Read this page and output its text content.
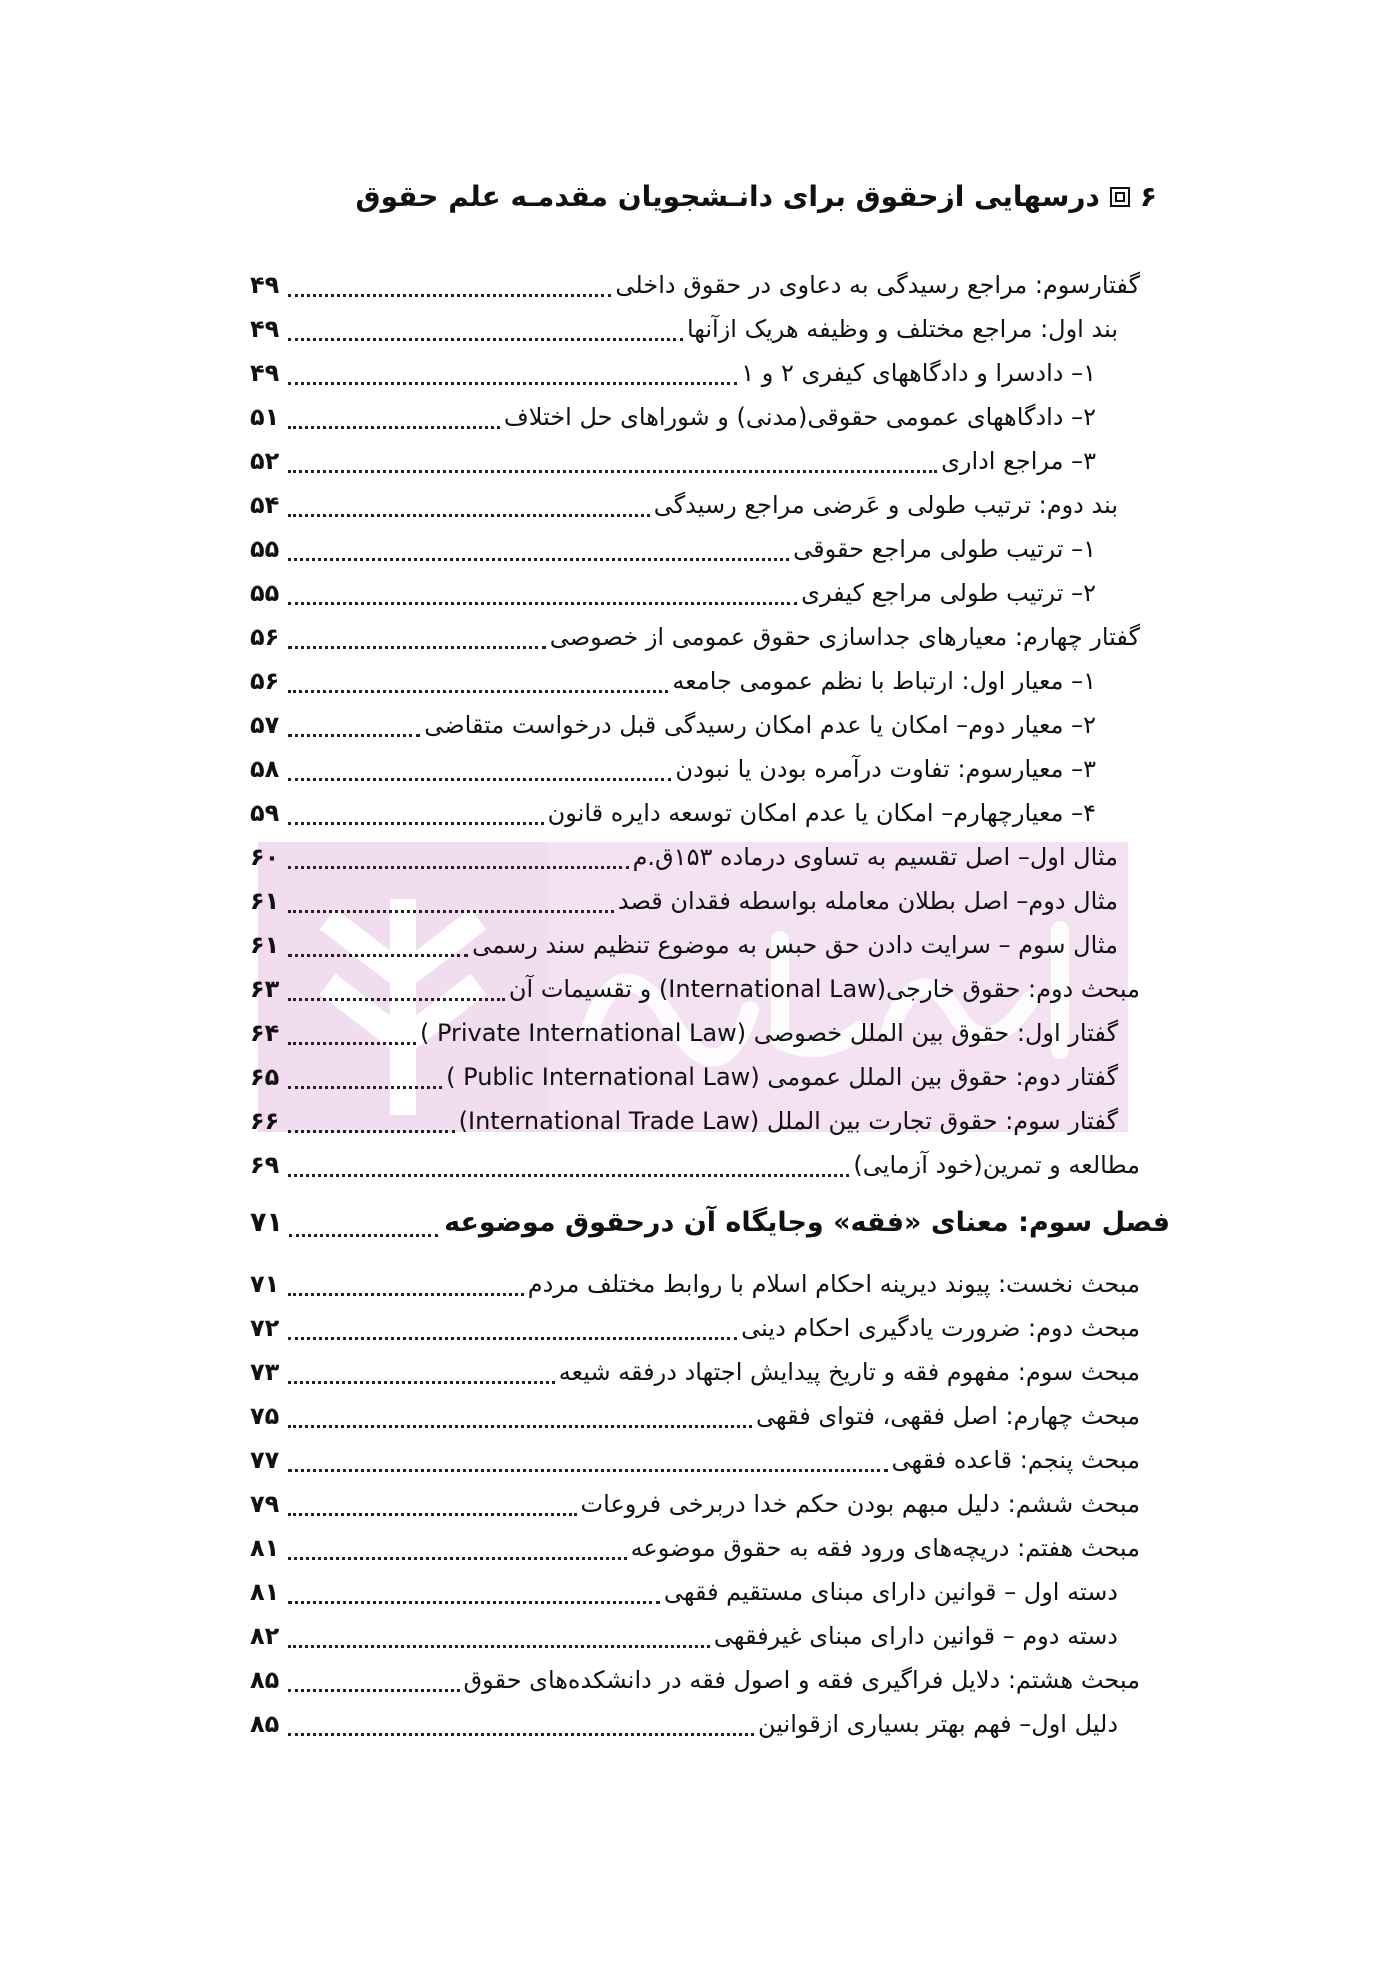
۶
درسهایی ازحقوق برای دانـشجویان مقدمـه علم حقوق
گفتارسوم: مراجع رسیدگی به دعاوی در حقوق داخلی
۴۹
بند اول: مراجع مختلف و وظیفه هریک ازآنها
۴۹
۱– دادسرا و دادگاههای کیفری ۲ و ۱
۴۹
۲– دادگاههای عمومی حقوقی(مدنی) و شوراهای حل اختلاف
۵۱
۳– مراجع اداری
۵۲
بند دوم: ترتیب طولی و عَرضی مراجع رسیدگی
۵۴
۱– ترتیب طولی مراجع حقوقی
۵۵
۲– ترتیب طولی مراجع کیفری
۵۵
گفتار چهارم: معیارهای جداسازی حقوق عمومی از خصوصی
۵۶
۱– معیار اول: ارتباط با نظم عمومی جامعه
۵۶
۲– معیار دوم– امکان یا عدم امکان رسیدگی قبل درخواست متقاضی
۵۷
۳– معیارسوم: تفاوت درآمره بودن یا نبودن
۵۸
۴– معیارچهارم– امکان یا عدم امکان توسعه دایره قانون
۵۹
مثال اول– اصل تقسیم به تساوی درماده ۱۵۳ق.م
۶۰
مثال دوم– اصل بطلان معامله بواسطه فقدان قصد
۶۱
مثال سوم – سرایت دادن حق حبس به موضوع تنظیم سند رسمی
۶۱
مبحث دوم: حقوق خارجی(International Law) و تقسیمات آن
۶۳
گفتار اول: حقوق بین الملل خصوصی (Private International Law )
۶۴
گفتار دوم: حقوق بین الملل عمومی (Public International Law )
۶۵
گفتار سوم: حقوق تجارت بین الملل (International Trade Law)
۶۶
مطالعه و تمرین(خود آزمایی)
۶۹
فصل سوم: معنای «فقه» وجایگاه آن درحقوق موضوعه
۷۱
مبحث نخست: پیوند دیرینه احکام اسلام با روابط مختلف مردم
۷۱
مبحث دوم: ضرورت یادگیری احکام دینی
۷۲
مبحث سوم: مفهوم فقه و تاریخ پیدایش اجتهاد درفقه شیعه
۷۳
مبحث چهارم: اصل فقهی، فتوای فقهی
۷۵
مبحث پنجم: قاعده فقهی
۷۷
مبحث ششم: دلیل مبهم بودن حکم خدا دربرخی فروعات
۷۹
مبحث هفتم: دریچه‌های ورود فقه به حقوق موضوعه
۸۱
دسته اول – قوانین دارای مبنای مستقیم فقهی
۸۱
دسته دوم – قوانین دارای مبنای غیرفقهی
۸۲
مبحث هشتم: دلایل فراگیری فقه و اصول فقه در دانشکده‌های حقوق
۸۵
دلیل اول– فهم بهتر بسیاری ازقوانین
۸۵
